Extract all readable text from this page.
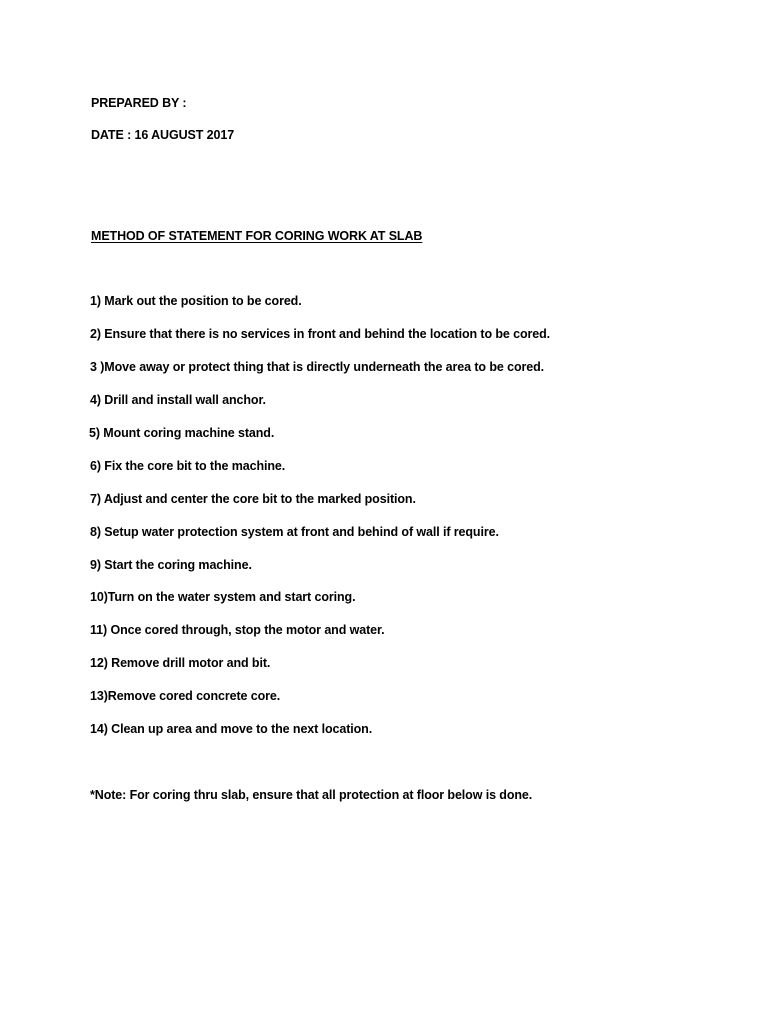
PREPARED BY :
DATE : 16 AUGUST 2017
METHOD OF STATEMENT FOR CORING WORK AT SLAB
1) Mark out the position to be cored.
2) Ensure that there is no services in front and behind the location to be cored.
3 )Move away or protect thing that is directly underneath the area to be cored.
4) Drill and install wall anchor.
5) Mount coring machine stand.
6) Fix the core bit to the machine.
7) Adjust and center the core bit to the marked position.
8) Setup water protection system at front and behind of wall if require.
9) Start the coring machine.
10)Turn on the water system and start coring.
11) Once cored through, stop the motor and water.
12) Remove drill motor and bit.
13)Remove cored concrete core.
14) Clean up area and move to the next location.
*Note: For coring thru slab, ensure that all protection at floor below is done.
